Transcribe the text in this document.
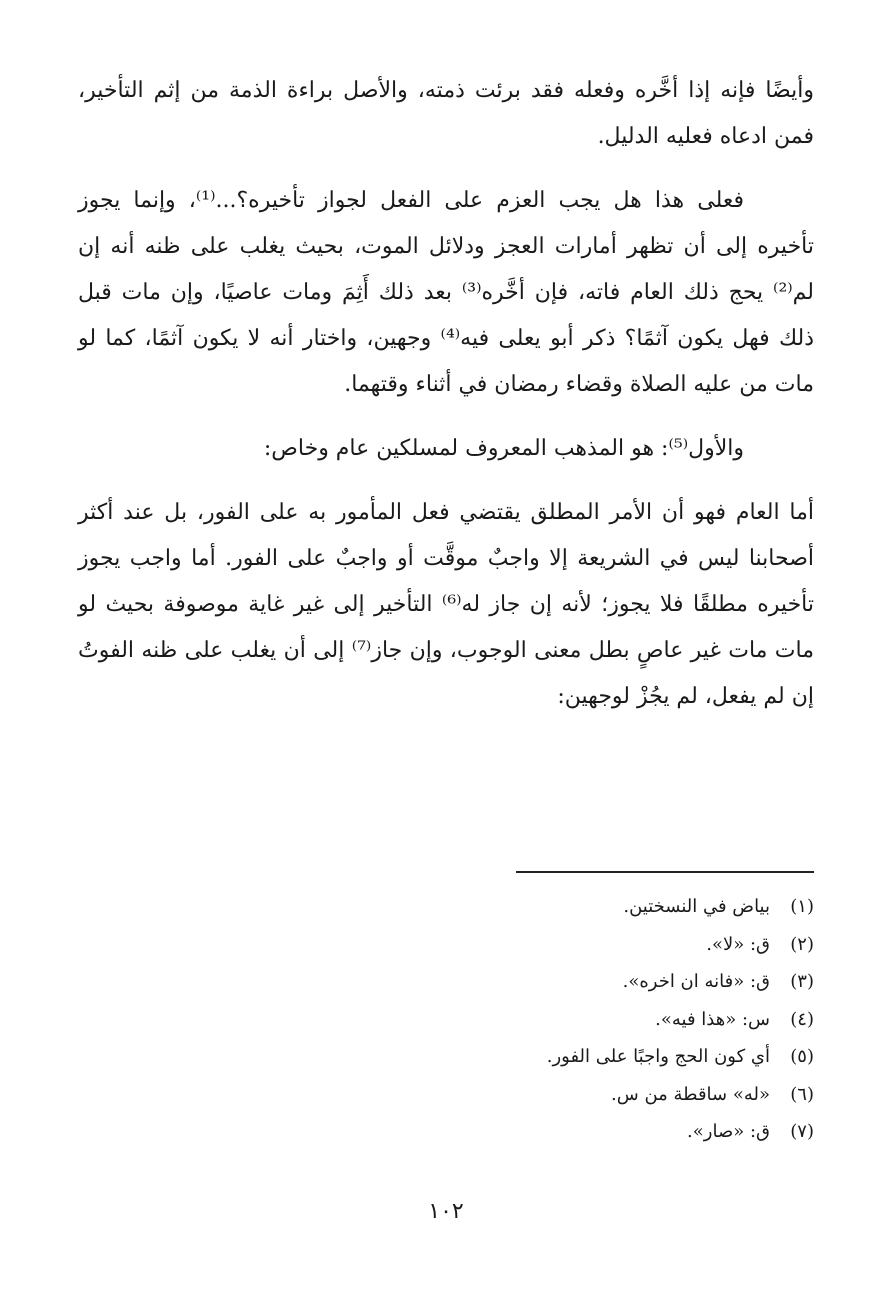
وأيضًا فإنه إذا أخَّره وفعله فقد برئت ذمته، والأصل براءة الذمة من إثم التأخير، فمن ادعاه فعليه الدليل.

فعلى هذا هل يجب العزم على الفعل لجواز تأخيره؟...⁽¹⁾، وإنما يجوز تأخيره إلى أن تظهر أمارات العجز ودلائل الموت، بحيث يغلب على ظنه أنه إن لم⁽²⁾ يحج ذلك العام فاته، فإن أخَّره⁽³⁾ بعد ذلك أَثِمَ ومات عاصيًا، وإن مات قبل ذلك فهل يكون آثمًا؟ ذكر أبو يعلى فيه⁽⁴⁾ وجهين، واختار أنه لا يكون آثمًا، كما لو مات من عليه الصلاة وقضاء رمضان في أثناء وقتهما.

والأول⁽⁵⁾: هو المذهب المعروف لمسلكين عام وخاص:

أما العام فهو أن الأمر المطلق يقتضي فعل المأمور به على الفور، بل عند أكثر أصحابنا ليس في الشريعة إلا واجبٌ موقَّت أو واجبٌ على الفور. أما واجب يجوز تأخيره مطلقًا فلا يجوز؛ لأنه إن جاز له⁽⁶⁾ التأخير إلى غير غاية موصوفة بحيث لو مات مات غير عاصٍ بطل معنى الوجوب، وإن جاز⁽⁷⁾ إلى أن يغلب على ظنه الفوتُ إن لم يفعل، لم يجُزْ لوجهين:

(١)
بياض في النسختين.
(٢)
ق: «لا».
(٣)
ق: «فانه ان اخره».
(٤)
س: «هذا فيه».
(٥)
أي كون الحج واجبًا على الفور.
(٦)
«له» ساقطة من س.
(٧)
ق: «صار».
١٠٢
